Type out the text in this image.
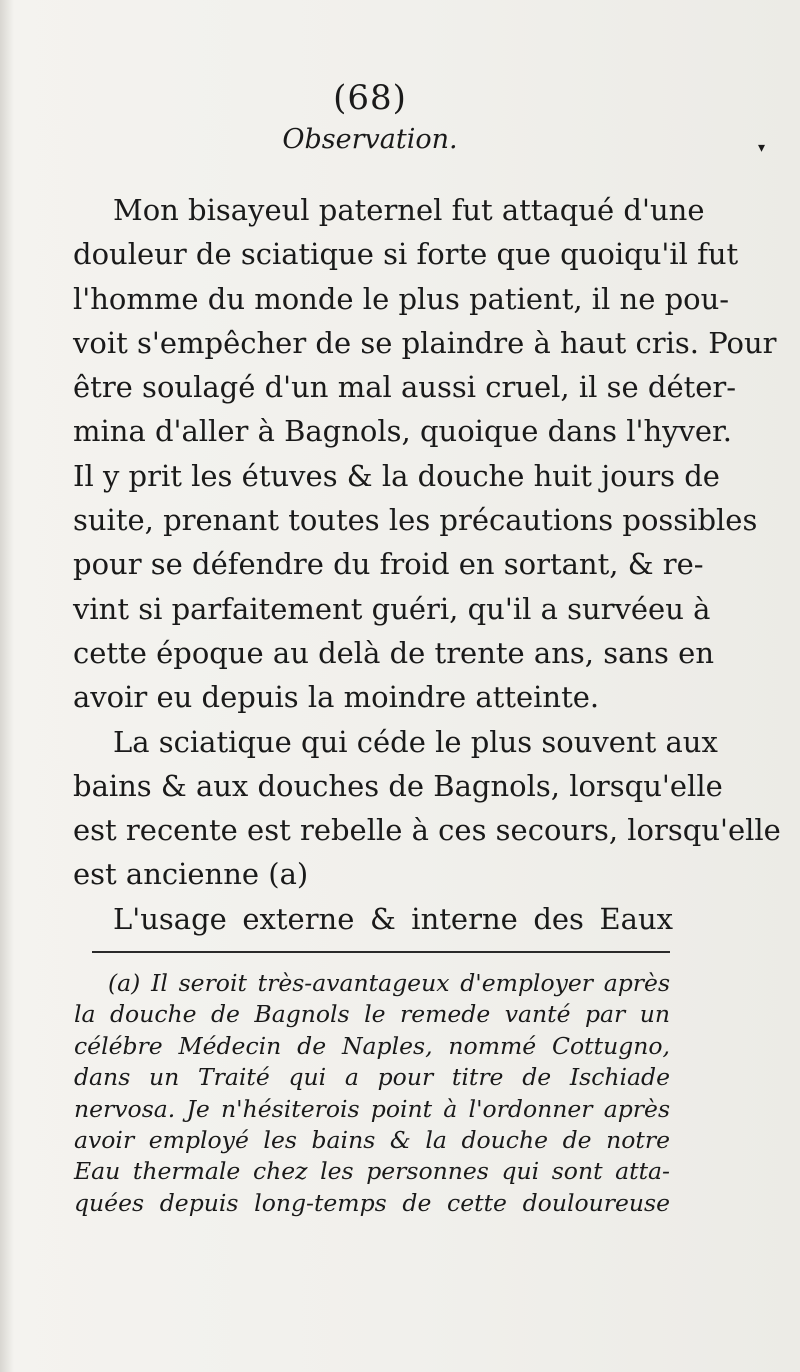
▾
(68)
Observation.
Mon bisayeul paternel fut attaqué d'une
douleur de sciatique si forte que quoiqu'il fut
l'homme du monde le plus patient, il ne pou-
voit s'empêcher de se plaindre à haut cris. Pour
être soulagé d'un mal aussi cruel, il se déter-
mina d'aller à Bagnols, quoique dans l'hyver.
Il y prit les étuves & la douche huit jours de
suite, prenant toutes les précautions possibles
pour se défendre du froid en sortant, & re-
vint si parfaitement guéri, qu'il a survéeu à
cette époque au delà de trente ans, sans en
avoir eu depuis la moindre atteinte.
La sciatique qui céde le plus souvent aux
bains & aux douches de Bagnols, lorsqu'elle
est recente est rebelle à ces secours, lorsqu'elle
est ancienne (a)
L'usage externe & interne des Eaux
(a) Il seroit très-avantageux d'employer après
la douche de Bagnols le remede vanté par un
célébre Médecin de Naples, nommé Cottugno,
dans un Traité qui a pour titre de Ischiade
nervosa. Je n'hésiterois point à l'ordonner après
avoir employé les bains & la douche de notre
Eau thermale chez les personnes qui sont atta-
quées depuis long-temps de cette douloureuse
